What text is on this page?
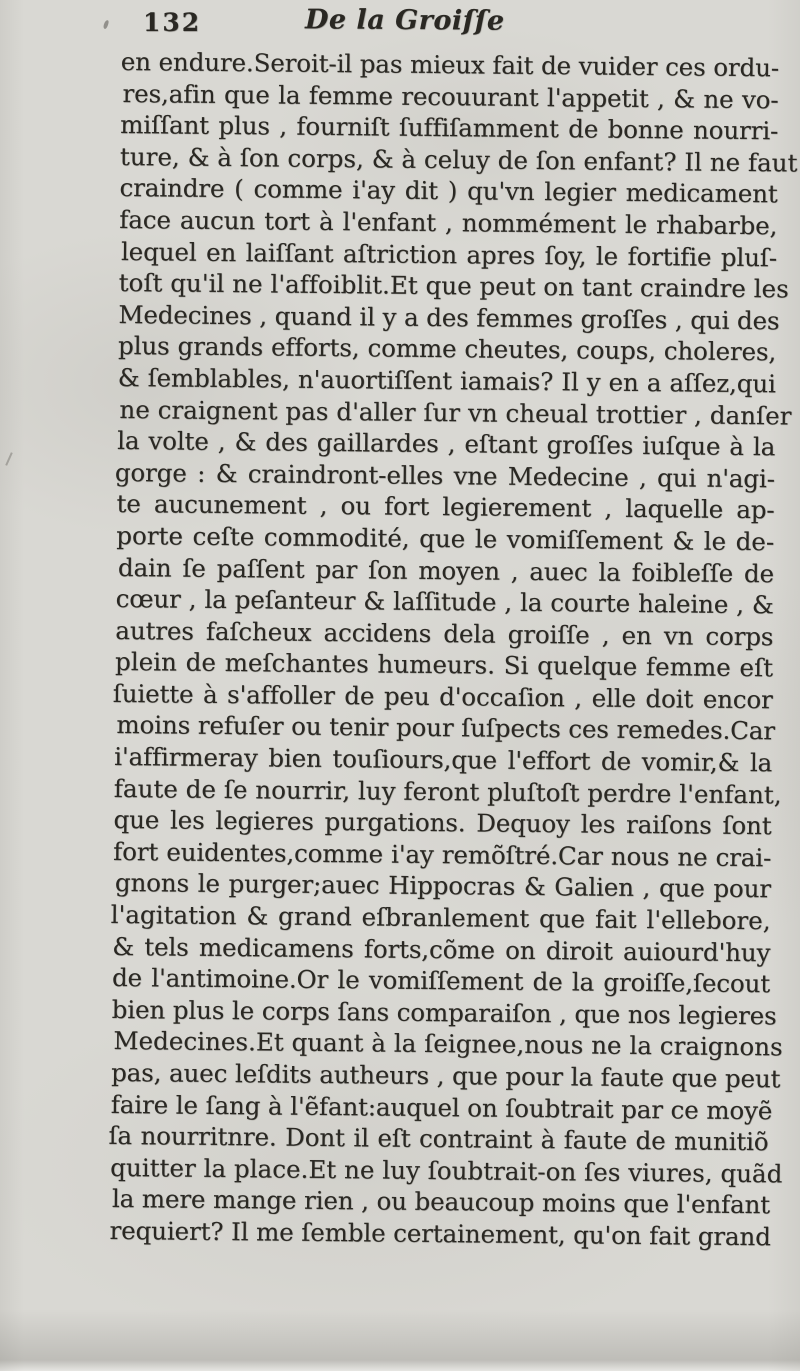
132	De la Groiſſe
en endure.Seroit-il pas mieux fait de vuider ces ordu-
res,afin que la femme recouurant l'appetit , & ne vo-
miſſant plus , fourniſt ſuffiſamment de bonne nourri-
ture, & à ſon corps, & à celuy de ſon enfant? Il ne faut
craindre ( comme i'ay dit ) qu'vn legier medicament
face aucun tort à l'enfant , nommément le rhabarbe,
lequel en laiſſant aſtriction apres ſoy, le fortifie pluſ-
toſt qu'il ne l'affoiblit.Et que peut on tant craindre les
Medecines , quand il y a des femmes groſſes , qui des
plus grands efforts, comme cheutes, coups, choleres,
& ſemblables, n'auortiſſent iamais? Il y en a aſſez,qui
ne craignent pas d'aller ſur vn cheual trottier , danſer
la volte , & des gaillardes , eſtant groſſes iuſque à la
gorge : & craindront-elles vne Medecine , qui n'agi-
te aucunement , ou fort legierement , laquelle ap-
porte ceſte commodité, que le vomiſſement & le de-
dain ſe paſſent par ſon moyen , auec la foibleſſe de
cœur , la peſanteur & laſſitude , la courte haleine , &
autres faſcheux accidens dela groiſſe , en vn corps
plein de meſchantes humeurs. Si quelque femme eſt
ſuiette à s'affoller de peu d'occaſion , elle doit encor
moins refuſer ou tenir pour ſuſpects ces remedes.Car
i'affirmeray bien touſiours,que l'effort de vomir,& la
faute de ſe nourrir, luy feront pluſtoſt perdre l'enfant,
que les legieres purgations. Dequoy les raiſons ſont
fort euidentes,comme i'ay remõſtré.Car nous ne crai-
gnons le purger;auec Hippocras & Galien , que pour
l'agitation & grand eſbranlement que fait l'ellebore,
& tels medicamens forts,cõme on diroit auiourd'huy
de l'antimoine.Or le vomiſſement de la groiſſe,ſecout
bien plus le corps ſans comparaiſon , que nos legieres
Medecines.Et quant à la ſeignee,nous ne la craignons
pas, auec leſdits autheurs , que pour la faute que peut
faire le ſang à l'ẽfant:auquel on ſoubtrait par ce moyẽ
ſa nourritnre. Dont il eſt contraint à faute de munitiõ
quitter la place.Et ne luy ſoubtrait-on ſes viures, quãd
la mere mange rien , ou beaucoup moins que l'enfant
requiert? Il me ſemble certainement, qu'on fait grand
